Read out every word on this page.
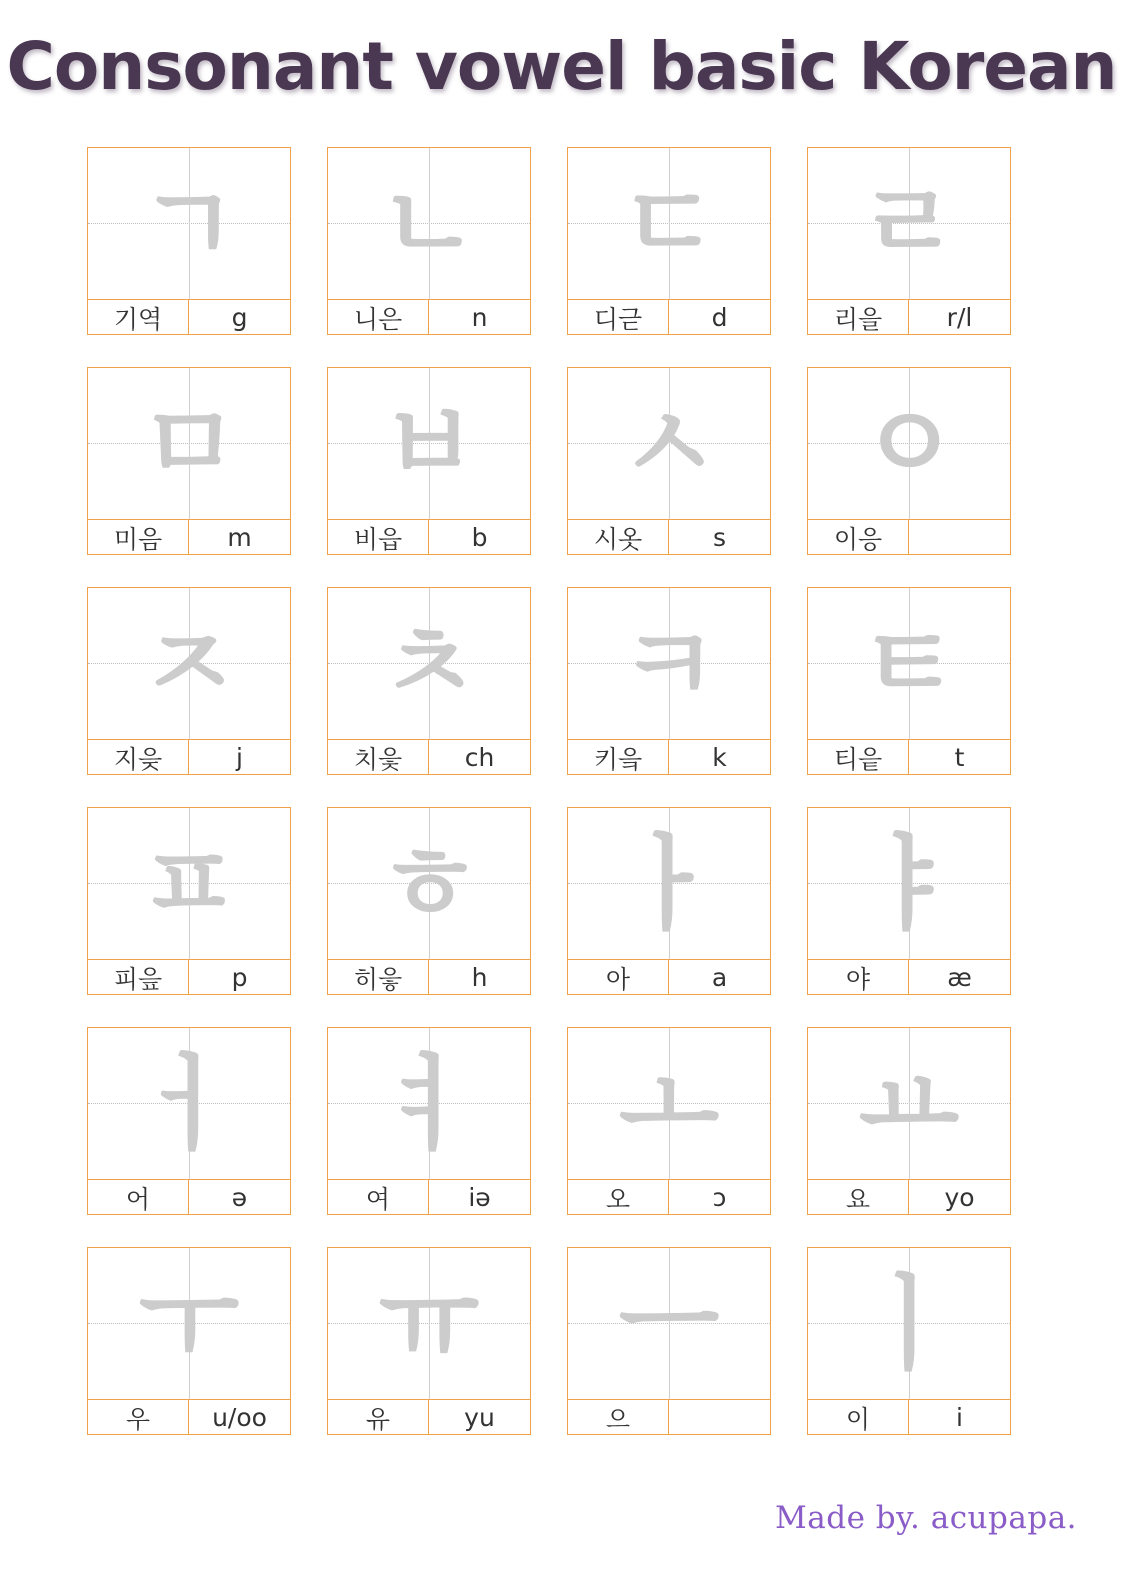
Consonant vowel basic Korean
ㄱ
기역	g
ㄴ
니은	n
ㄷ
디귿	d
ㄹ
리을	r/l
ㅁ
미음	m
ㅂ
비읍	b
ㅅ
시옷	s
ㅇ
이응
ㅈ
지읒	j
ㅊ
치읓	ch
ㅋ
키읔	k
ㅌ
티읕	t
ㅍ
피읖	p
ㅎ
히읗	h
ㅏ
아	a
ㅑ
야	æ
ㅓ
어	ə
ㅕ
여	iə
ㅗ
오	ɔ
ㅛ
요	yo
ㅜ
우	u/oo
ㅠ
유	yu
ㅡ
으
ㅣ
이	i
Made by. acupapa.
